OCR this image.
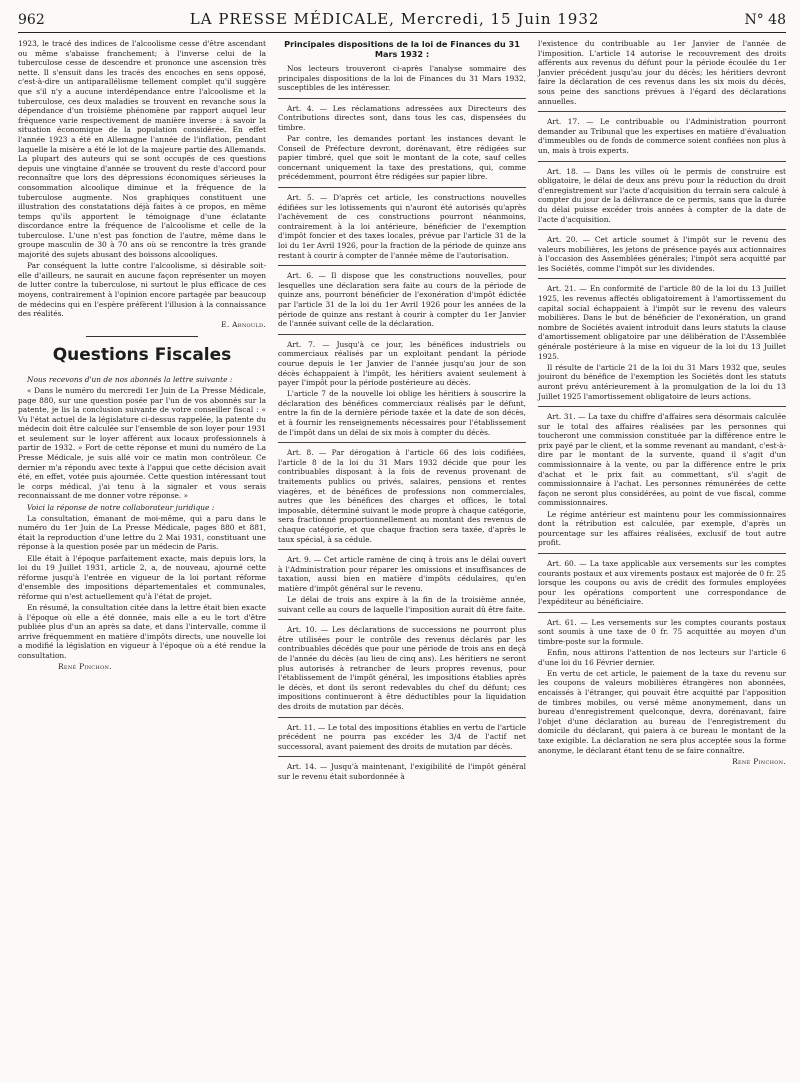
962	LA PRESSE MÉDICALE, Mercredi, 15 Juin 1932	N° 48

1923, le tracé des indices de l'alcoolisme cesse d'être ascendant ou même s'abaisse franchement; à l'inverse celui de la tuberculose cesse de descendre et prononce une ascension très nette. Il s'ensuit dans les tracés des encoches en sens opposé, c'est-à-dire un antiparallélisme tellement complet qu'il suggère que s'il n'y a aucune interdépendance entre l'alcoolisme et la tuberculose, ces deux maladies se trouvent en revanche sous la dépendance d'un troisième phénomène par rapport auquel leur fréquence varie respectivement de manière inverse : à savoir la situation économique de la population considérée. En effet l'année 1923 a été en Allemagne l'année de l'inflation, pendant laquelle la misère a été le lot de la majeure partie des Allemands. La plupart des auteurs qui se sont occupés de ces questions depuis une vingtaine d'année se trouvent du reste d'accord pour reconnaître que lors des dépressions économiques sérieuses la consommation alcoolique diminue et la fréquence de la tuberculose augmente. Nos graphiques constituent une illustration des constatations déjà faites à ce propos, en même temps qu'ils apportent le témoignage d'une éclatante discordance entre la fréquence de l'alcoolisme et celle de la tuberculose. L'une n'est pas fonction de l'autre, même dans le groupe masculin de 30 à 70 ans où se rencontre la très grande majorité des sujets abusant des boissons alcooliques.

Par conséquent la lutte contre l'alcoolisme, si désirable soit-elle d'ailleurs, ne saurait en aucune façon représenter un moyen de lutter contre la tuberculose, ni surtout le plus efficace de ces moyens, contrairement à l'opinion encore partagée par beaucoup de médecins qui en l'espère préfèrent l'illusion à la connaissance des réalités.

E. Arnould.
Questions Fiscales

Nous recevons d'un de nos abonnés la lettre suivante :

« Dans le numéro du mercredi 1er Juin de La Presse Médicale, page 880, sur une question posée par l'un de vos abonnés sur la patente, je lis la conclusion suivante de votre conseiller fiscal : « Vu l'état actuel de la législature ci-dessus rappelée, la patente du médecin doit être calculée sur l'ensemble de son loyer pour 1931 et seulement sur le loyer afférent aux locaux professionnels à partir de 1932. » Fort de cette réponse et muni du numéro de La Presse Médicale, je suis allé voir ce matin mon contrôleur. Ce dernier m'a répondu avec texte à l'appui que cette décision avait été, en effet, votée puis ajournée. Cette question intéressant tout le corps médical, j'ai tenu à la signaler et vous serais reconnaissant de me donner votre réponse. »

Voici la réponse de notre collaborateur juridique :

La consultation, émanant de moi-même, qui a paru dans le numéro du 1er Juin de La Presse Médicale, pages 880 et 881, était la reproduction d'une lettre du 2 Mai 1931, constituant une réponse à la question posée par un médecin de Paris.

Elle était à l'époque parfaitement exacte, mais depuis lors, la loi du 19 Juillet 1931, article 2, a, de nouveau, ajourné cette réforme jusqu'à l'entrée en vigueur de la loi portant réforme d'ensemble des impositions départementales et communales, réforme qui n'est actuellement qu'à l'état de projet.

En résumé, la consultation citée dans la lettre était bien exacte à l'époque où elle a été donnée, mais elle a eu le tort d'être publiée plus d'un an après sa date, et dans l'intervalle, comme il arrive fréquemment en matière d'impôts directs, une nouvelle loi a modifié la législation en vigueur à l'époque où a été rendue la consultation.

René Pinchon.
Principales dispositions de la loi de Finances du 31 Mars 1932 :

Nos lecteurs trouveront ci-après l'analyse sommaire des principales dispositions de la loi de Finances du 31 Mars 1932, susceptibles de les intéresser.

Art. 4. — Les réclamations adressées aux Directeurs des Contributions directes sont, dans tous les cas, dispensées du timbre.

Par contre, les demandes portant les instances devant le Conseil de Préfecture devront, dorénavant, être rédigées sur papier timbré, quel que soit le montant de la cote, sauf celles concernant uniquement la taxe des prestations, qui, comme précédemment, pourront être rédigées sur papier libre.

Art. 5. — D'après cet article, les constructions nouvelles édifiées sur les lotissements qui n'auront été autorisés qu'après l'achèvement de ces constructions pourront néanmoins, contrairement à la loi antérieure, bénéficier de l'exemption d'impôt foncier et des taxes locales, prévue par l'article 31 de la loi du 1er Avril 1926, pour la fraction de la période de quinze ans restant à courir à compter de l'année même de l'autorisation.

Art. 6. — Il dispose que les constructions nouvelles, pour lesquelles une déclaration sera faite au cours de la période de quinze ans, pourront bénéficier de l'exonération d'impôt édictée par l'article 31 de la loi du 1er Avril 1926 pour les années de la période de quinze ans restant à courir à compter du 1er Janvier de l'année suivant celle de la déclaration.

Art. 7. — Jusqu'à ce jour, les bénéfices industriels ou commerciaux réalisés par un exploitant pendant la période courue depuis le 1er Janvier de l'année jusqu'au jour de son décès échappaient à l'impôt, les héritiers avaient seulement à payer l'impôt pour la période postérieure au décès.

L'article 7 de la nouvelle loi oblige les héritiers à souscrire la déclaration des bénéfices commerciaux réalisés par le défunt, entre la fin de la dernière période taxée et la date de son décès, et à fournir les renseignements nécessaires pour l'établissement de l'impôt dans un délai de six mois à compter du décès.

Art. 8. — Par dérogation à l'article 66 des lois codifiées, l'article 8 de la loi du 31 Mars 1932 décide que pour les contribuables disposant à la fois de revenus provenant de traitements publics ou privés, salaires, pensions et rentes viagères, et de bénéfices de professions non commerciales, autres que les bénéfices des charges et offices, le total imposable, déterminé suivant le mode propre à chaque catégorie, sera fractionné proportionnellement au montant des revenus de chaque catégorie, et que chaque fraction sera taxée, d'après le taux spécial, à sa cédule.

Art. 9. — Cet article ramène de cinq à trois ans le délai ouvert à l'Administration pour réparer les omissions et insuffisances de taxation, aussi bien en matière d'impôts cédulaires, qu'en matière d'impôt général sur le revenu.

Le délai de trois ans expire à la fin de la troisième année, suivant celle au cours de laquelle l'imposition aurait dû être faite.

Art. 10. — Les déclarations de successions ne pourront plus être utilisées pour le contrôle des revenus déclarés par les contribuables décédés que pour une période de trois ans en deçà de l'année du décès (au lieu de cinq ans). Les héritiers ne seront plus autorisés à retrancher de leurs propres revenus, pour l'établissement de l'impôt général, les impositions établies après le décès, et dont ils seront redevables du chef du défunt; ces impositions continueront à être déductibles pour la liquidation des droits de mutation par décès.

Art. 11. — Le total des impositions établies en vertu de l'article précédent ne pourra pas excéder les 3/4 de l'actif net successoral, avant paiement des droits de mutation par décès.

Art. 14. — Jusqu'à maintenant, l'exigibilité de l'impôt général sur le revenu était subordonnée à

l'existence du contribuable au 1er Janvier de l'année de l'imposition. L'article 14 autorise le recouvrement des droits afférents aux revenus du défunt pour la période écoulée du 1er Janvier précédent jusqu'au jour du décès; les héritiers devront faire la déclaration de ces revenus dans les six mois du décès, sous peine des sanctions prévues à l'égard des déclarations annuelles.

Art. 17. — Le contribuable ou l'Administration pourront demander au Tribunal que les expertises en matière d'évaluation d'immeubles ou de fonds de commerce soient confiées non plus à un, mais à trois experts.

Art. 18. — Dans les villes où le permis de construire est obligatoire, le délai de deux ans prévu pour la réduction du droit d'enregistrement sur l'acte d'acquisition du terrain sera calculé à compter du jour de la délivrance de ce permis, sans que la durée du délai puisse excéder trois années à compter de la date de l'acte d'acquisition.

Art. 20. — Cet article soumet à l'impôt sur le revenu des valeurs mobilières, les jetons de présence payés aux actionnaires à l'occasion des Assemblées générales; l'impôt sera acquitté par les Sociétés, comme l'impôt sur les dividendes.

Art. 21. — En conformité de l'article 80 de la loi du 13 Juillet 1925, les revenus affectés obligatoirement à l'amortissement du capital social échappaient à l'impôt sur le revenu des valeurs mobilières. Dans le but de bénéficier de l'exonération, un grand nombre de Sociétés avaient introduit dans leurs statuts la clause d'amortissement obligatoire par une délibération de l'Assemblée générale postérieure à la mise en vigueur de la loi du 13 Juillet 1925.

Il résulte de l'article 21 de la loi du 31 Mars 1932 que, seules jouiront du bénéfice de l'exemption les Sociétés dont les statuts auront prévu antérieurement à la promulgation de la loi du 13 Juillet 1925 l'amortissement obligatoire de leurs actions.

Art. 31. — La taxe du chiffre d'affaires sera désormais calculée sur le total des affaires réalisées par les personnes qui toucheront une commission constituée par la différence entre le prix payé par le client, et la somme revenant au mandant, c'est-à-dire par le montant de la survente, quand il s'agit d'un commissionnaire à la vente, ou par la différence entre le prix d'achat et le prix fait au commettant, s'il s'agit de commissionnaire à l'achat. Les personnes rémunérées de cette façon ne seront plus considérées, au point de vue fiscal, comme commissionnaires.

Le régime antérieur est maintenu pour les commissionnaires dont la rétribution est calculée, par exemple, d'après un pourcentage sur les affaires réalisées, exclusif de tout autre profit.

Art. 60. — La taxe applicable aux versements sur les comptes courants postaux et aux virements postaux est majorée de 0 fr. 25 lorsque les coupons ou avis de crédit des formules employées pour les opérations comportent une correspondance de l'expéditeur au bénéficiaire.

Art. 61. — Les versements sur les comptes courants postaux sont soumis à une taxe de 0 fr. 75 acquittée au moyen d'un timbre-poste sur la formule.

Enfin, nous attirons l'attention de nos lecteurs sur l'article 6 d'une loi du 16 Février dernier.

En vertu de cet article, le paiement de la taxe du revenu sur les coupons de valeurs mobilières étrangères non abonnées, encaissés à l'étranger, qui pouvait être acquitté par l'apposition de timbres mobiles, ou versé même anonymement, dans un bureau d'enregistrement quelconque, devra, dorénavant, faire l'objet d'une déclaration au bureau de l'enregistrement du domicile du déclarant, qui paiera à ce bureau le montant de la taxe exigible. La déclaration ne sera plus acceptée sous la forme anonyme, le déclarant étant tenu de se faire connaître.

René Pinchon.
